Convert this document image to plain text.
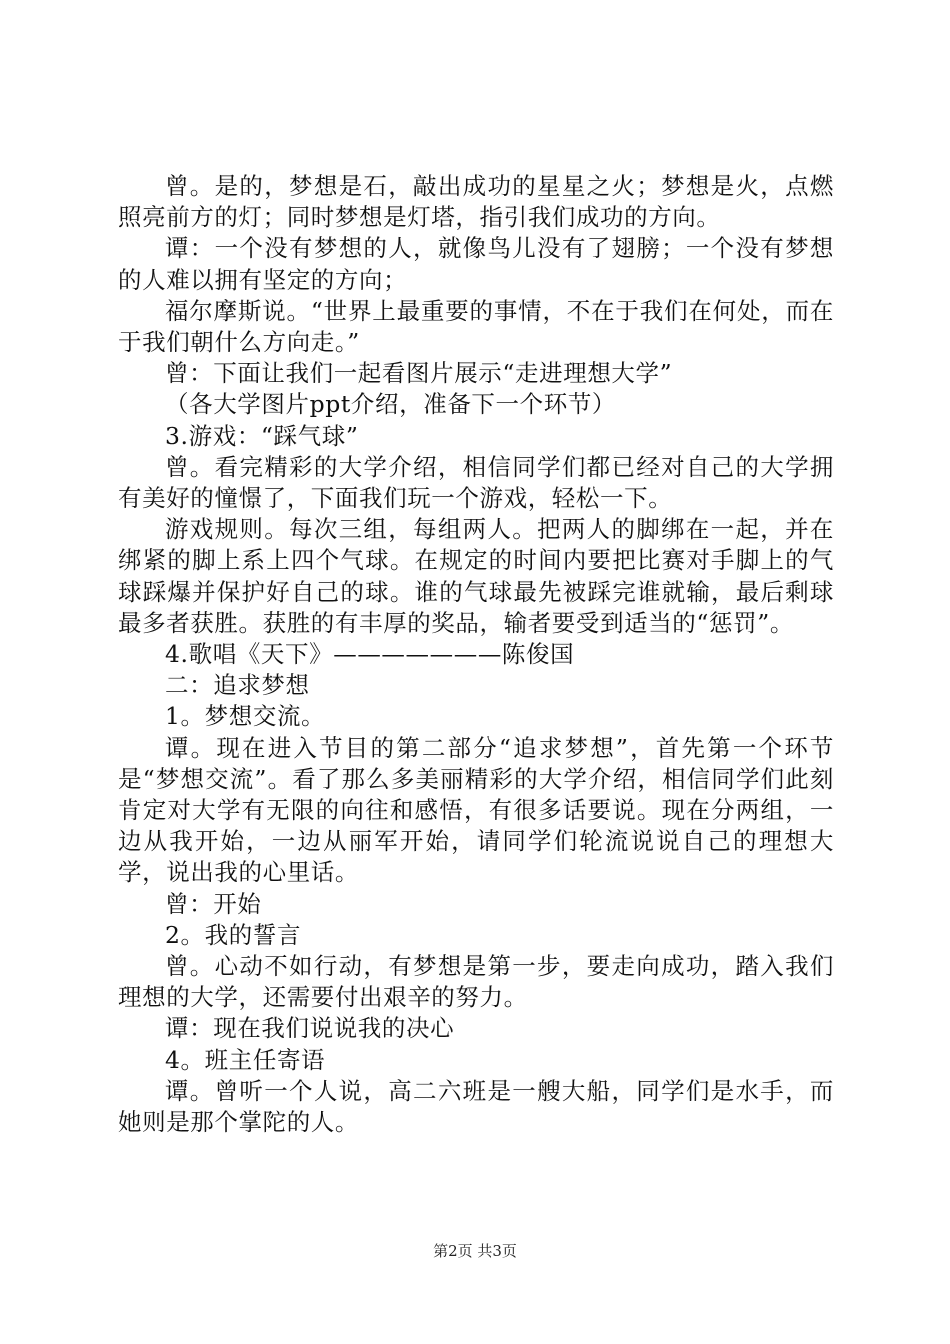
曾。是的，梦想是石，敲出成功的星星之火；梦想是火，点燃照亮前方的灯；同时梦想是灯塔，指引我们成功的方向。

谭：一个没有梦想的人，就像鸟儿没有了翅膀；一个没有梦想的人难以拥有坚定的方向；

福尔摩斯说。“世界上最重要的事情，不在于我们在何处，而在于我们朝什么方向走。”

曾：下面让我们一起看图片展示“走进理想大学”

（各大学图片ppt介绍，准备下一个环节）

3.游戏：“踩气球”

曾。看完精彩的大学介绍，相信同学们都已经对自己的大学拥有美好的憧憬了，下面我们玩一个游戏，轻松一下。

游戏规则。每次三组，每组两人。把两人的脚绑在一起，并在绑紧的脚上系上四个气球。在规定的时间内要把比赛对手脚上的气球踩爆并保护好自己的球。谁的气球最先被踩完谁就输，最后剩球最多者获胜。获胜的有丰厚的奖品，输者要受到适当的“惩罚”。

4.歌唱《天下》———————陈俊国

二：追求梦想

1。梦想交流。

谭。现在进入节目的第二部分“追求梦想”，首先第一个环节是“梦想交流”。看了那么多美丽精彩的大学介绍，相信同学们此刻肯定对大学有无限的向往和感悟，有很多话要说。现在分两组，一边从我开始，一边从丽军开始，请同学们轮流说说自己的理想大学，说出我的心里话。

曾：开始

2。我的誓言

曾。心动不如行动，有梦想是第一步，要走向成功，踏入我们理想的大学，还需要付出艰辛的努力。

谭：现在我们说说我的决心

4。班主任寄语

谭。曾听一个人说，高二六班是一艘大船，同学们是水手，而她则是那个掌陀的人。

第2页 共3页
